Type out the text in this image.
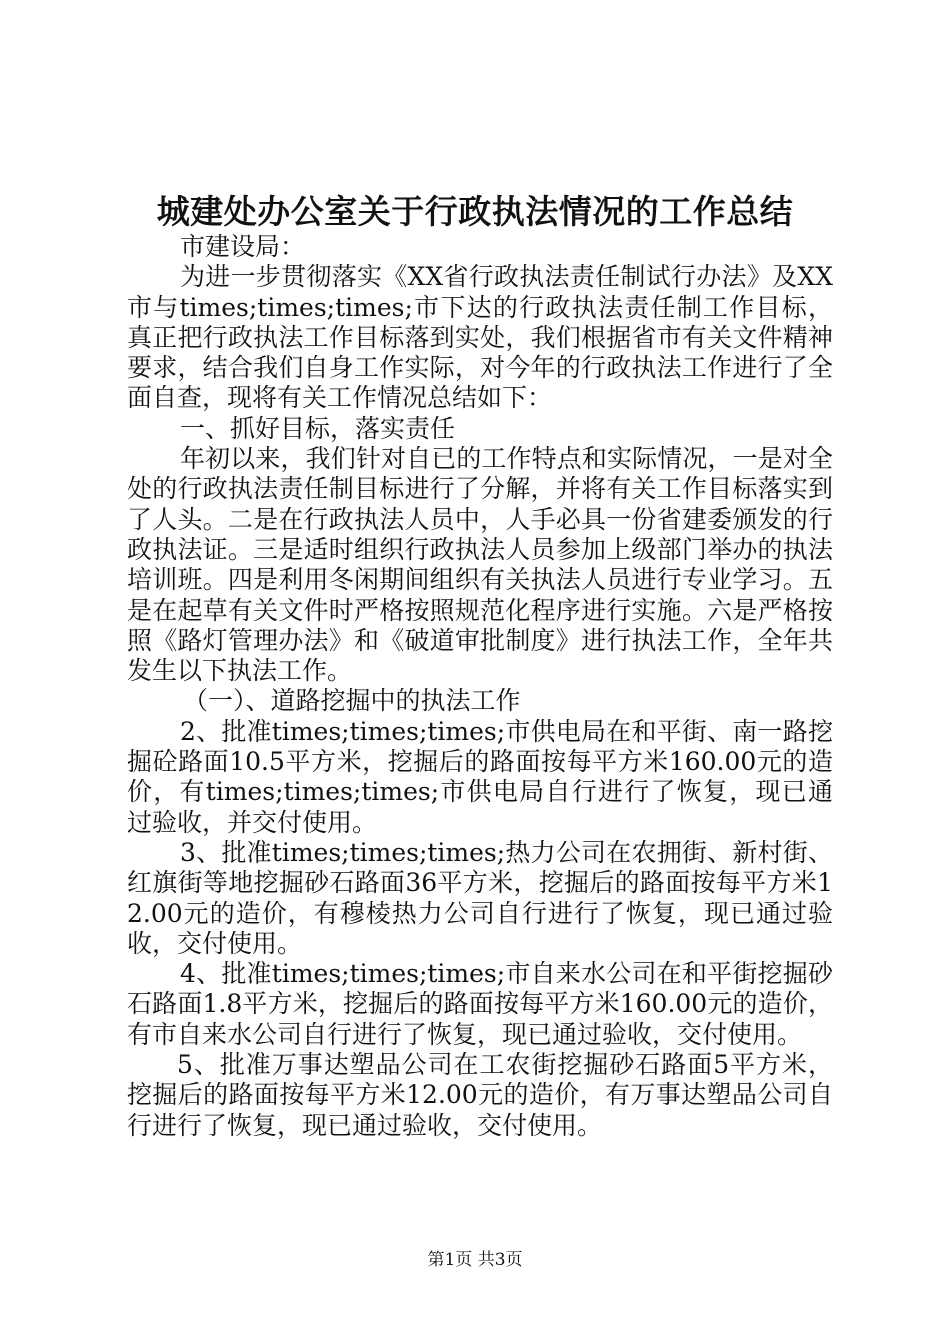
城建处办公室关于行政执法情况的工作总结

市建设局：

为进一步贯彻落实《XX省行政执法责任制试行办法》及XX市与times;times;times;市下达的行政执法责任制工作目标，真正把行政执法工作目标落到实处，我们根据省市有关文件精神要求，结合我们自身工作实际，对今年的行政执法工作进行了全面自查，现将有关工作情况总结如下：

一、抓好目标，落实责任

年初以来，我们针对自已的工作特点和实际情况，一是对全处的行政执法责任制目标进行了分解，并将有关工作目标落实到了人头。二是在行政执法人员中，人手必具一份省建委颁发的行政执法证。三是适时组织行政执法人员参加上级部门举办的执法培训班。四是利用冬闲期间组织有关执法人员进行专业学习。五是在起草有关文件时严格按照规范化程序进行实施。六是严格按照《路灯管理办法》和《破道审批制度》进行执法工作，全年共发生以下执法工作。

（一）、道路挖掘中的执法工作

2、批准times;times;times;市供电局在和平街、南一路挖掘砼路面10.5平方米，挖掘后的路面按每平方米160.00元的造价，有times;times;times;市供电局自行进行了恢复，现已通过验收，并交付使用。

3、批准times;times;times;热力公司在农拥街、新村街、红旗街等地挖掘砂石路面36平方米，挖掘后的路面按每平方米12.00元的造价，有穆棱热力公司自行进行了恢复，现已通过验收，交付使用。

4、批准times;times;times;市自来水公司在和平街挖掘砂石路面1.8平方米，挖掘后的路面按每平方米160.00元的造价，有市自来水公司自行进行了恢复，现已通过验收，交付使用。

5、批准万事达塑品公司在工农街挖掘砂石路面5平方米，挖掘后的路面按每平方米12.00元的造价，有万事达塑品公司自行进行了恢复，现已通过验收，交付使用。

第1页 共3页
